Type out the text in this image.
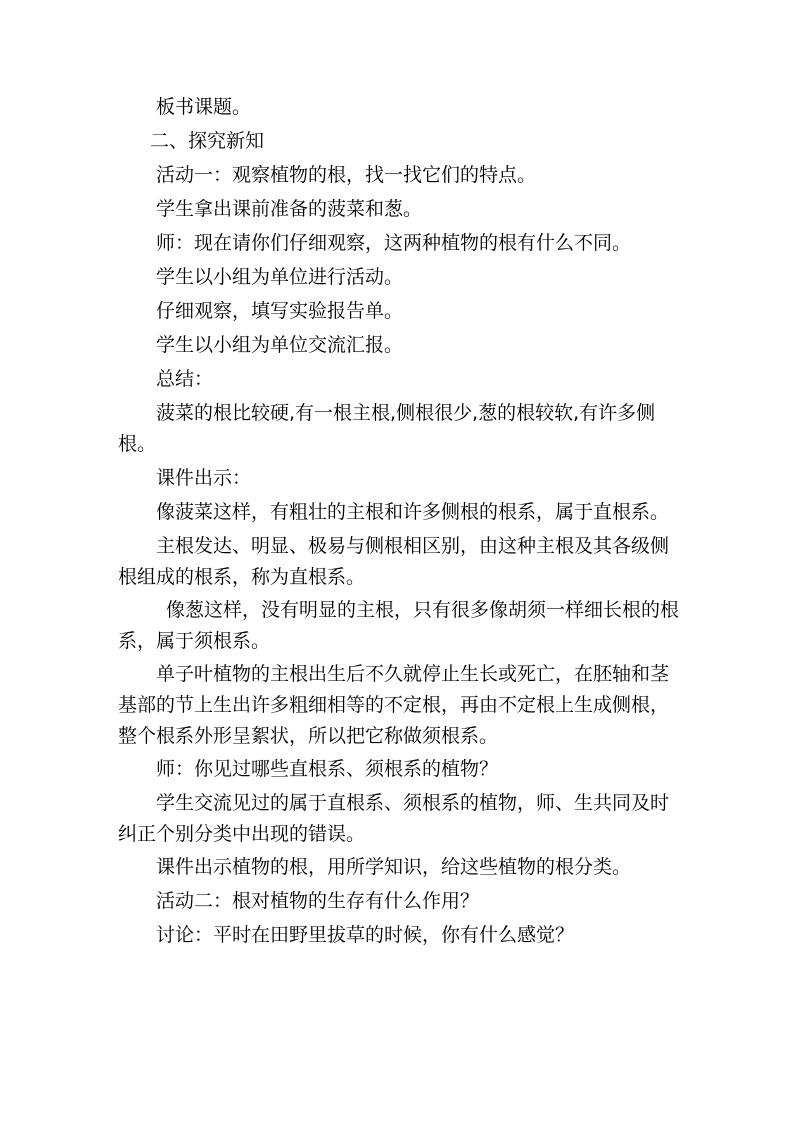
板书课题。

二、探究新知

活动一：观察植物的根，找一找它们的特点。

学生拿出课前准备的菠菜和葱。

师：现在请你们仔细观察，这两种植物的根有什么不同。

学生以小组为单位进行活动。

仔细观察，填写实验报告单。

学生以小组为单位交流汇报。

总结：

菠菜的根比较硬,有一根主根,侧根很少,葱的根较软,有许多侧根。

课件出示：

像菠菜这样，有粗壮的主根和许多侧根的根系，属于直根系。

主根发达、明显、极易与侧根相区别，由这种主根及其各级侧根组成的根系，称为直根系。

像葱这样，没有明显的主根，只有很多像胡须一样细长根的根系，属于须根系。

单子叶植物的主根出生后不久就停止生长或死亡，在胚轴和茎基部的节上生出许多粗细相等的不定根，再由不定根上生成侧根，整个根系外形呈絮状，所以把它称做须根系。

师：你见过哪些直根系、须根系的植物？

学生交流见过的属于直根系、须根系的植物，师、生共同及时纠正个别分类中出现的错误。

课件出示植物的根，用所学知识，给这些植物的根分类。

活动二：根对植物的生存有什么作用？

讨论：平时在田野里拔草的时候，你有什么感觉？
